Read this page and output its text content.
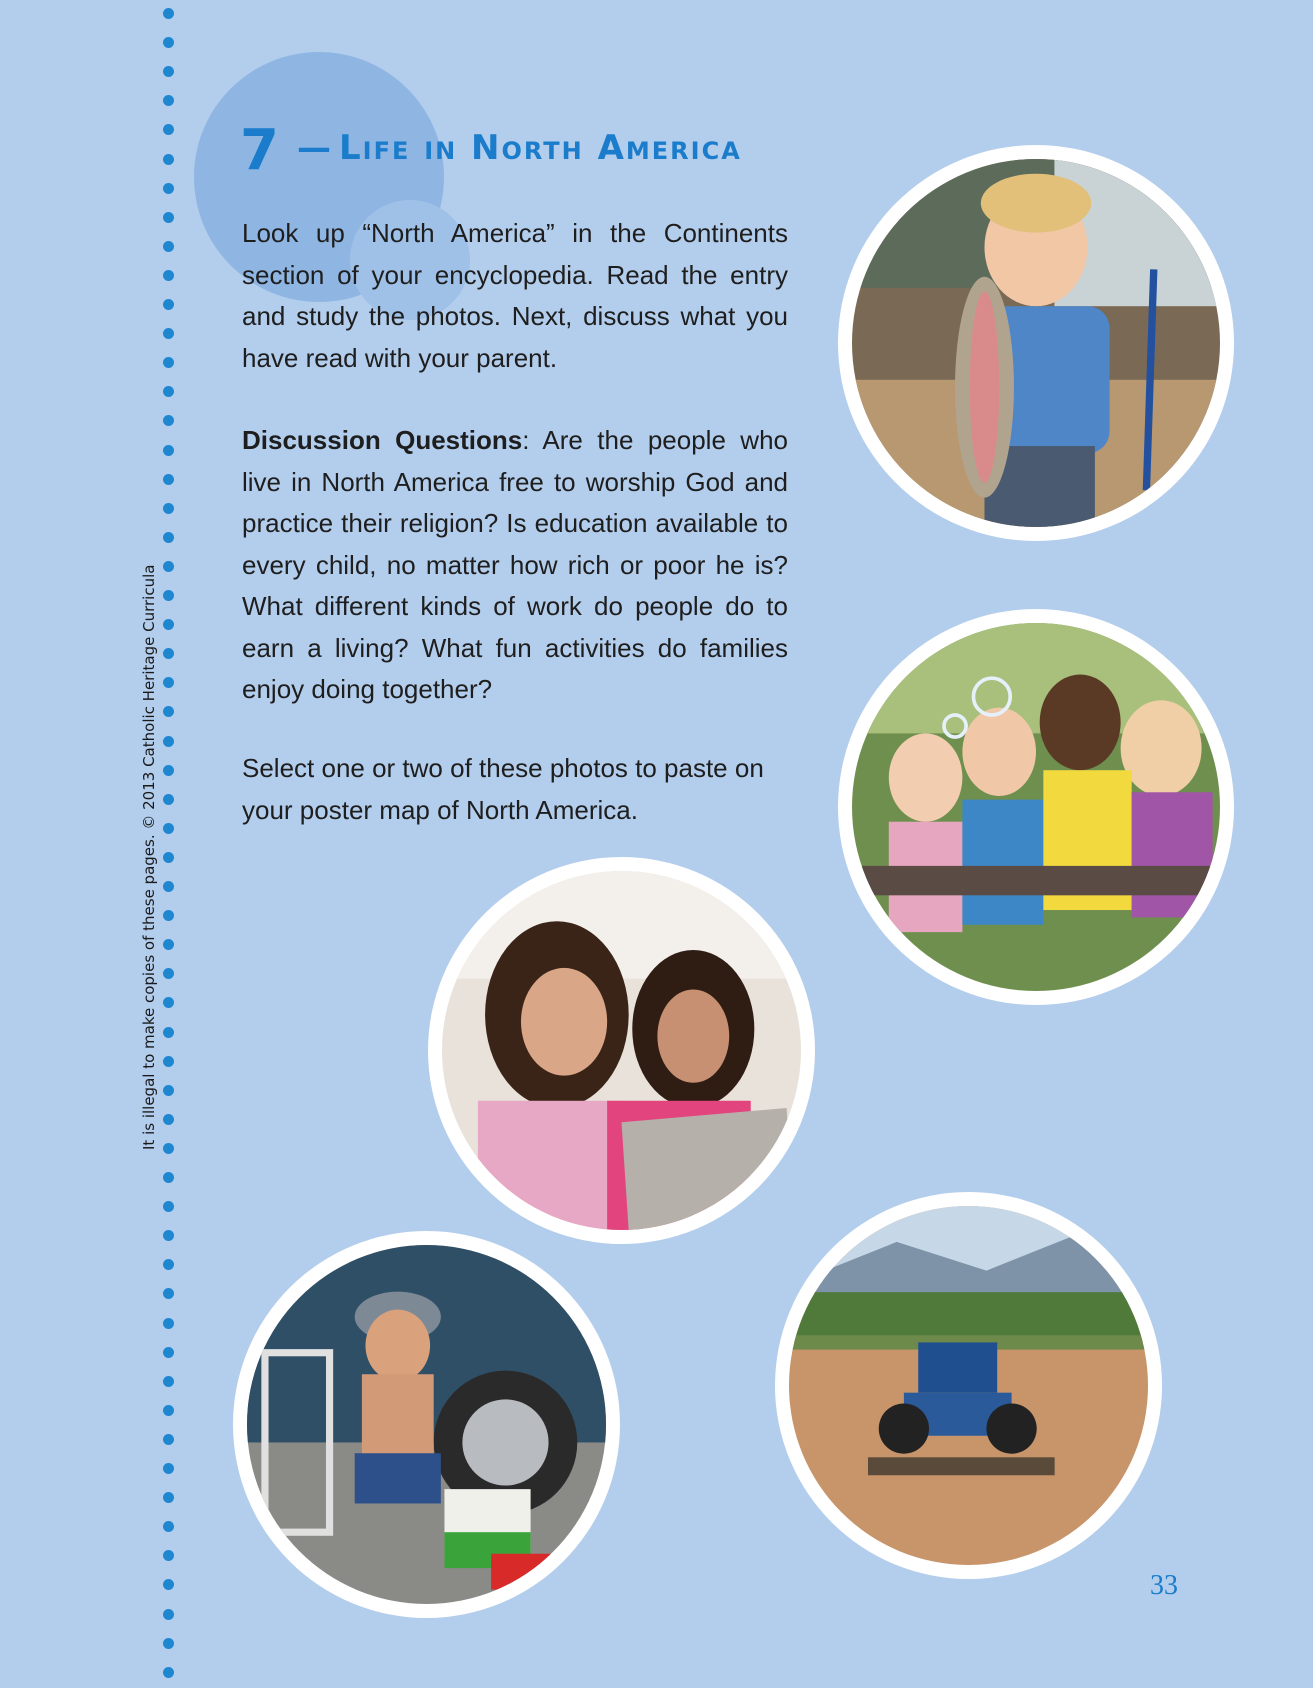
It is illegal to make copies of these pages. © 2013 Catholic Heritage Curricula
7 — Life in North America

Look up “North America” in the Continents section of your encyclopedia. Read the entry and study the photos. Next, discuss what you have read with your parent.

Discussion Questions: Are the people who live in North America free to worship God and practice their religion? Is education available to every child, no matter how rich or poor he is? What different kinds of work do people do to earn a living? What fun activities do families enjoy doing together?

Select one or two of these photos to paste on your poster map of North America.

33
